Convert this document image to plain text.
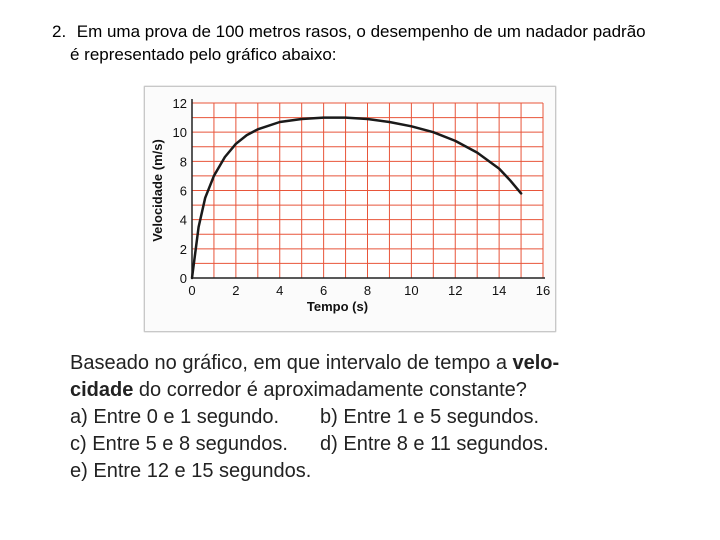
2. Em uma prova de 100 metros rasos, o desempenho de um nadador padrão
é representado pelo gráfico abaixo:
0	2	4	6	8	10 12 14 16
0
2
4
6
8
10
12
Tempo (s)
Velocidade (m/s)
Baseado no gráfico, em que intervalo de tempo a velo-
cidade do corredor é aproximadamente constante?
a) Entre 0 e 1 segundo.	b) Entre 1 e 5 segundos.
c) Entre 5 e 8 segundos.	d) Entre 8 e 11 segundos.
e) Entre 12 e 15 segundos.
